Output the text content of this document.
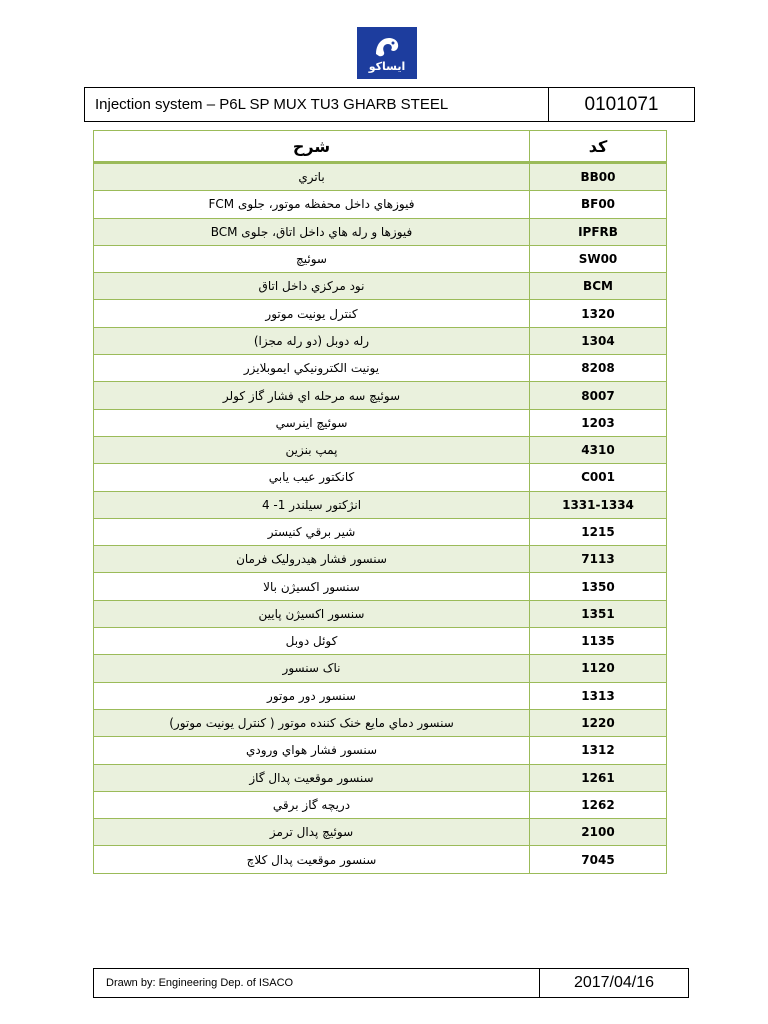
ایساکو
Injection system – P6L SP MUX TU3 GHARB STEEL	0101071
شرح	کد
باتري	BB00
فيوزهاي داخل محفظه موتور، جلوی FCM	BF00
فيوزها و رله هاي داخل اتاق، جلوی BCM	IPFRB
سوئيچ	SW00
نود مرکزي داخل اتاق	BCM
کنترل يونيت موتور	1320
رله دوبل (دو رله مجزا)	1304
يونيت الکترونيکي ايموبلايزر	8208
سوئيچ سه مرحله اي فشار گاز کولر	8007
سوئيچ اينرسي	1203
پمپ بنزين	4310
کانکتور عيب يابي	C001
انژکتور سيلندر 1- 4	1331-1334
شير برقي کنيستر	1215
سنسور فشار هيدروليک فرمان	7113
سنسور اکسيژن بالا	1350
سنسور اکسيژن پايين	1351
کوئل دوبل	1135
ناک سنسور	1120
سنسور دور موتور	1313
سنسور دماي مايع خنک کننده موتور ( کنترل يونيت موتور)	1220
سنسور فشار هواي ورودي	1312
سنسور موقعيت پدال گاز	1261
دريچه گاز برقي	1262
سوئيچ پدال ترمز	2100
سنسور موقعيت پدال کلاچ	7045
Drawn by: Engineering Dep. of ISACO	2017/04/16
